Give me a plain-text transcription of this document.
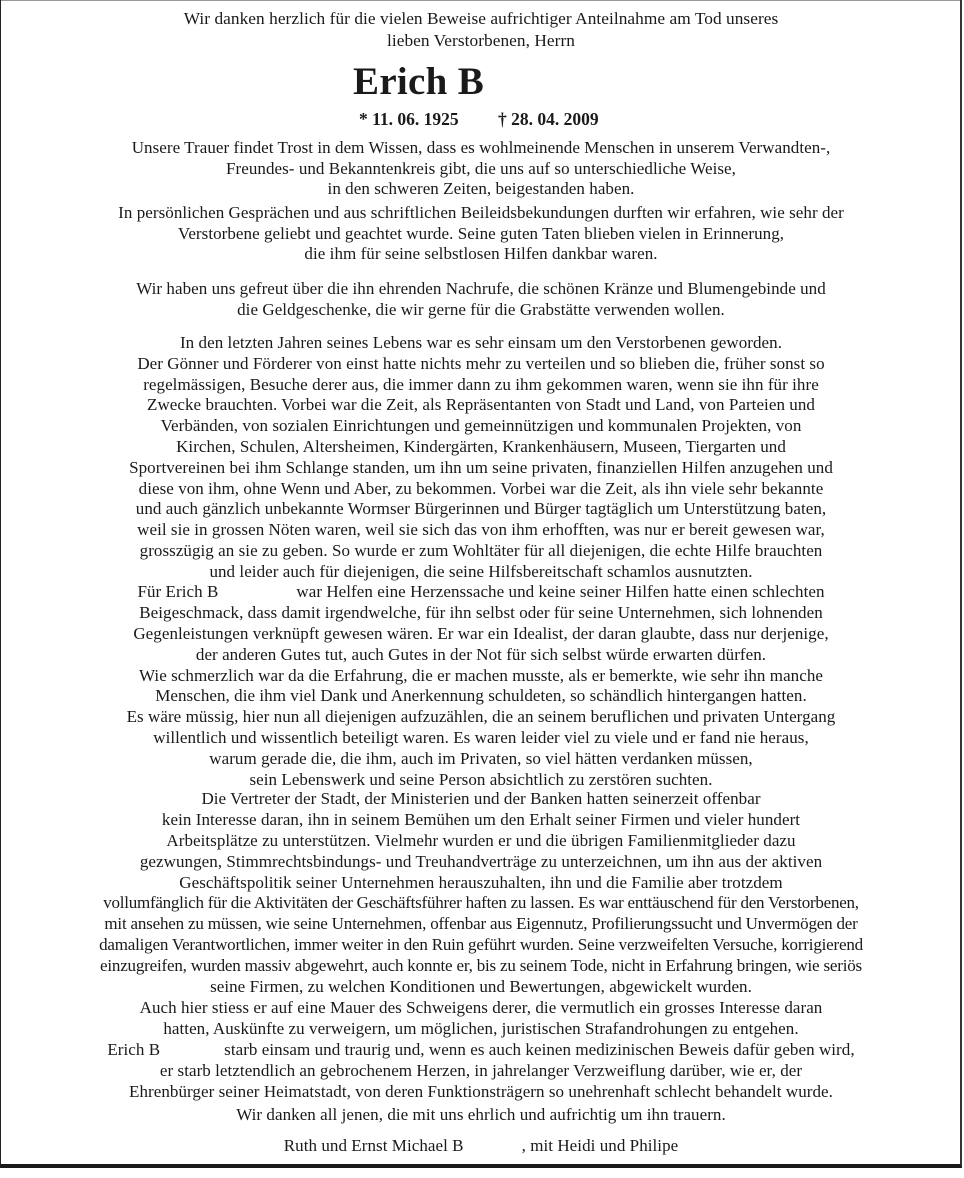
Wir danken herzlich für die vielen Beweise aufrichtiger Anteilnahme am Tod unseres
lieben Verstorbenen, Herrn
Erich B
* 11. 06. 1925 † 28. 04. 2009
Unsere Trauer findet Trost in dem Wissen, dass es wohlmeinende Menschen in unserem Verwandten-,
Freundes- und Bekanntenkreis gibt, die uns auf so unterschiedliche Weise,
in den schweren Zeiten, beigestanden haben.
In persönlichen Gesprächen und aus schriftlichen Beileidsbekundungen durften wir erfahren, wie sehr der
Verstorbene geliebt und geachtet wurde. Seine guten Taten blieben vielen in Erinnerung,
die ihm für seine selbstlosen Hilfen dankbar waren.
Wir haben uns gefreut über die ihn ehrenden Nachrufe, die schönen Kränze und Blumengebinde und
die Geldgeschenke, die wir gerne für die Grabstätte verwenden wollen.
In den letzten Jahren seines Lebens war es sehr einsam um den Verstorbenen geworden.
Der Gönner und Förderer von einst hatte nichts mehr zu verteilen und so blieben die, früher sonst so
regelmässigen, Besuche derer aus, die immer dann zu ihm gekommen waren, wenn sie ihn für ihre
Zwecke brauchten. Vorbei war die Zeit, als Repräsentanten von Stadt und Land, von Parteien und
Verbänden, von sozialen Einrichtungen und gemeinnützigen und kommunalen Projekten, von
Kirchen, Schulen, Altersheimen, Kindergärten, Krankenhäusern, Museen, Tiergarten und
Sportvereinen bei ihm Schlange standen, um ihn um seine privaten, finanziellen Hilfen anzugehen und
diese von ihm, ohne Wenn und Aber, zu bekommen. Vorbei war die Zeit, als ihn viele sehr bekannte
und auch gänzlich unbekannte Wormser Bürgerinnen und Bürger tagtäglich um Unterstützung baten,
weil sie in grossen Nöten waren, weil sie sich das von ihm erhofften, was nur er bereit gewesen war,
grosszügig an sie zu geben. So wurde er zum Wohltäter für all diejenigen, die echte Hilfe brauchten
und leider auch für diejenigen, die seine Hilfsbereitschaft schamlos ausnutzten.
Für Erich B	war Helfen eine Herzenssache und keine seiner Hilfen hatte einen schlechten
Beigeschmack, dass damit irgendwelche, für ihn selbst oder für seine Unternehmen, sich lohnenden
Gegenleistungen verknüpft gewesen wären. Er war ein Idealist, der daran glaubte, dass nur derjenige,
der anderen Gutes tut, auch Gutes in der Not für sich selbst würde erwarten dürfen.
Wie schmerzlich war da die Erfahrung, die er machen musste, als er bemerkte, wie sehr ihn manche
Menschen, die ihm viel Dank und Anerkennung schuldeten, so schändlich hintergangen hatten.
Es wäre müssig, hier nun all diejenigen aufzuzählen, die an seinem beruflichen und privaten Untergang
willentlich und wissentlich beteiligt waren. Es waren leider viel zu viele und er fand nie heraus,
warum gerade die, die ihm, auch im Privaten, so viel hätten verdanken müssen,
sein Lebenswerk und seine Person absichtlich zu zerstören suchten.
Die Vertreter der Stadt, der Ministerien und der Banken hatten seinerzeit offenbar
kein Interesse daran, ihn in seinem Bemühen um den Erhalt seiner Firmen und vieler hundert
Arbeitsplätze zu unterstützen. Vielmehr wurden er und die übrigen Familienmitglieder dazu
gezwungen, Stimmrechtsbindungs- und Treuhandverträge zu unterzeichnen, um ihn aus der aktiven
Geschäftspolitik seiner Unternehmen herauszuhalten, ihn und die Familie aber trotzdem
vollumfänglich für die Aktivitäten der Geschäftsführer haften zu lassen. Es war enttäuschend für den Verstorbenen,
mit ansehen zu müssen, wie seine Unternehmen, offenbar aus Eigennutz, Profilierungssucht und Unvermögen der
damaligen Verantwortlichen, immer weiter in den Ruin geführt wurden. Seine verzweifelten Versuche, korrigierend
einzugreifen, wurden massiv abgewehrt, auch konnte er, bis zu seinem Tode, nicht in Erfahrung bringen, wie seriös
seine Firmen, zu welchen Konditionen und Bewertungen, abgewickelt wurden.
Auch hier stiess er auf eine Mauer des Schweigens derer, die vermutlich ein grosses Interesse daran
hatten, Auskünfte zu verweigern, um möglichen, juristischen Strafandrohungen zu entgehen.
Erich B	starb einsam und traurig und, wenn es auch keinen medizinischen Beweis dafür geben wird,
er starb letztendlich an gebrochenem Herzen, in jahrelanger Verzweiflung darüber, wie er, der
Ehrenbürger seiner Heimatstadt, von deren Funktionsträgern so unehrenhaft schlecht behandelt wurde.
Wir danken all jenen, die mit uns ehrlich und aufrichtig um ihn trauern.
Ruth und Ernst Michael B	, mit Heidi und Philipe
